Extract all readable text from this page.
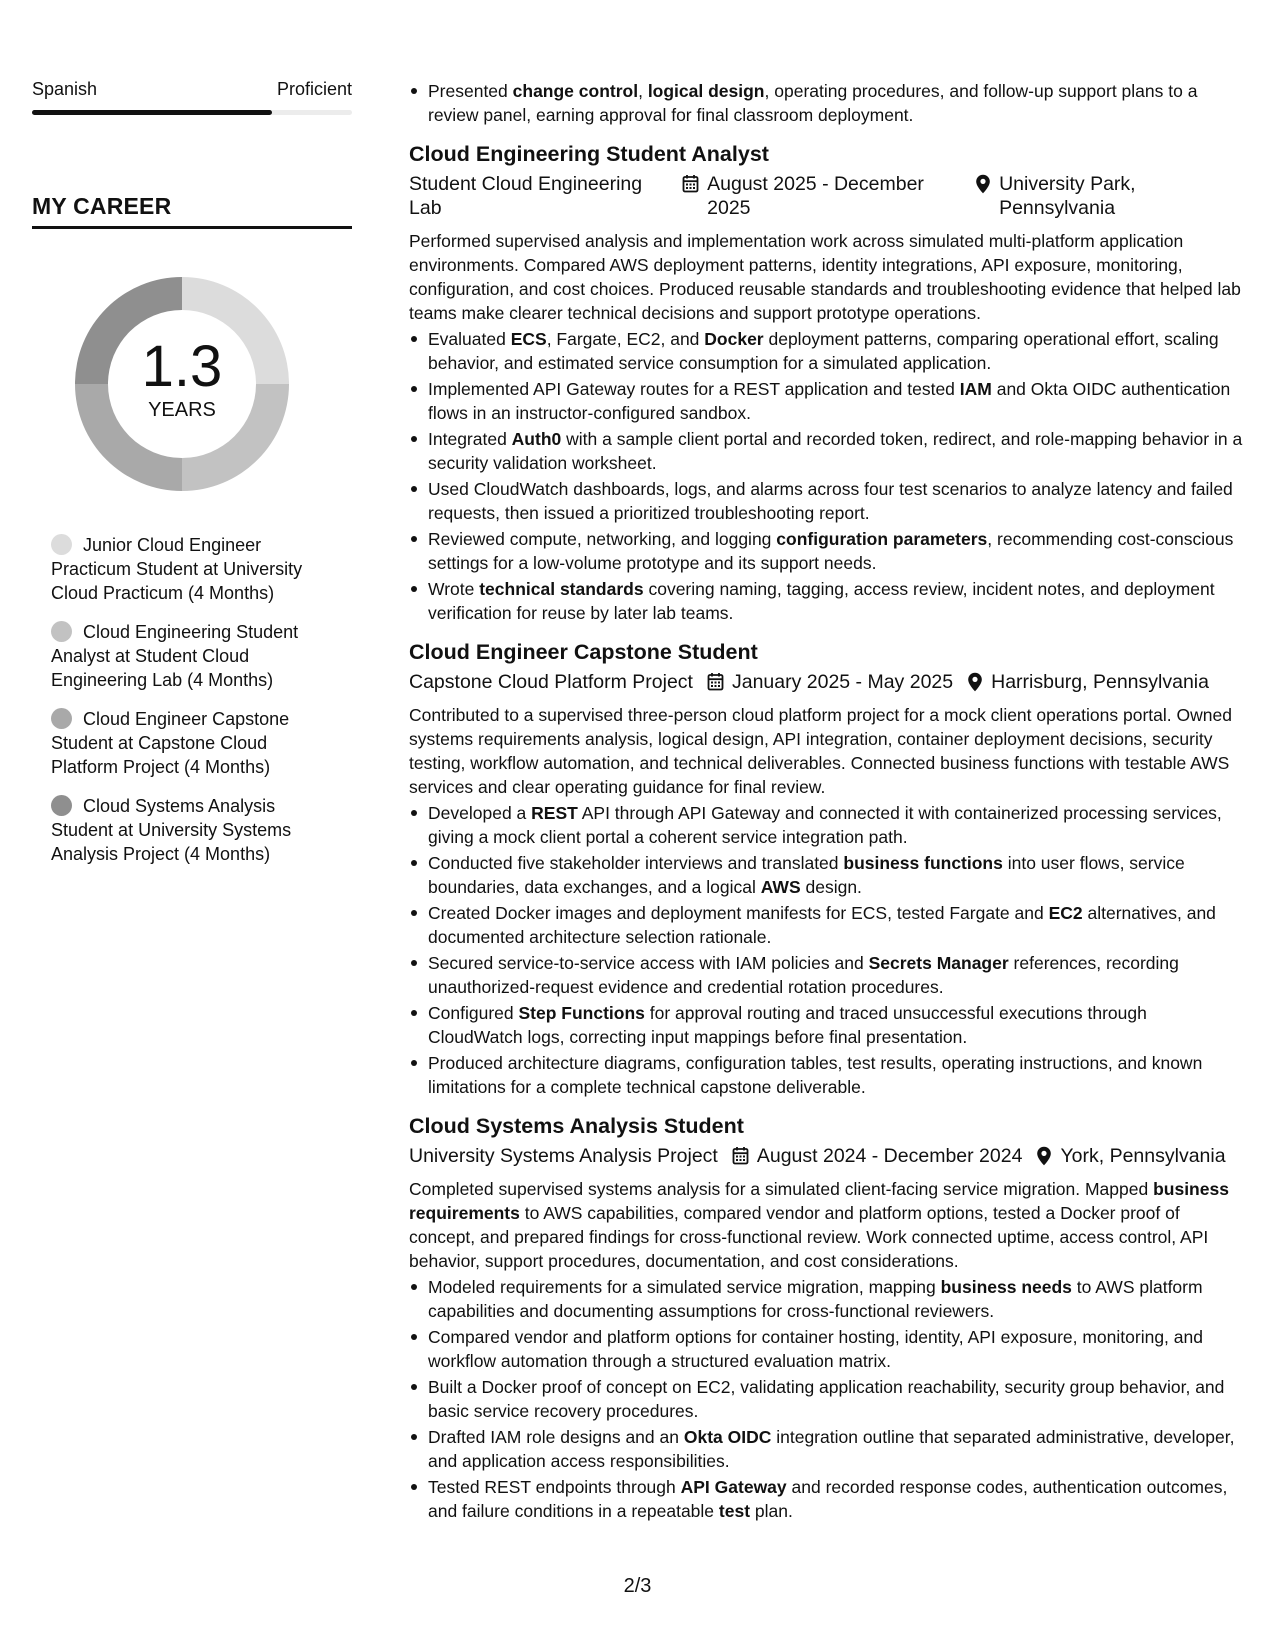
Spanish	Proficient
MY CAREER
1.3
YEARS
Junior Cloud Engineer Practicum Student at University Cloud Practicum (4 Months)
Cloud Engineering Student Analyst at Student Cloud Engineering Lab (4 Months)
Cloud Engineer Capstone Student at Capstone Cloud Platform Project (4 Months)
Cloud Systems Analysis Student at University Systems Analysis Project (4 Months)
Presented change control, logical design, operating procedures, and follow-up support plans to a review panel, earning approval for final classroom deployment.
Cloud Engineering Student Analyst
Student Cloud Engineering Lab
August 2025 - December 2025
University Park, Pennsylvania
Performed supervised analysis and implementation work across simulated multi-platform application environments. Compared AWS deployment patterns, identity integrations, API exposure, monitoring, configuration, and cost choices. Produced reusable standards and troubleshooting evidence that helped lab teams make clearer technical decisions and support prototype operations.
Evaluated ECS, Fargate, EC2, and Docker deployment patterns, comparing operational effort, scaling behavior, and estimated service consumption for a simulated application.
Implemented API Gateway routes for a REST application and tested IAM and Okta OIDC authentication flows in an instructor-configured sandbox.
Integrated Auth0 with a sample client portal and recorded token, redirect, and role-mapping behavior in a security validation worksheet.
Used CloudWatch dashboards, logs, and alarms across four test scenarios to analyze latency and failed requests, then issued a prioritized troubleshooting report.
Reviewed compute, networking, and logging configuration parameters, recommending cost-conscious settings for a low-volume prototype and its support needs.
Wrote technical standards covering naming, tagging, access review, incident notes, and deployment verification for reuse by later lab teams.
Cloud Engineer Capstone Student
Capstone Cloud Platform Project January 2025 - May 2025 Harrisburg, Pennsylvania
Contributed to a supervised three-person cloud platform project for a mock client operations portal. Owned systems requirements analysis, logical design, API integration, container deployment decisions, security testing, workflow automation, and technical deliverables. Connected business functions with testable AWS services and clear operating guidance for final review.
Developed a REST API through API Gateway and connected it with containerized processing services, giving a mock client portal a coherent service integration path.
Conducted five stakeholder interviews and translated business functions into user flows, service boundaries, data exchanges, and a logical AWS design.
Created Docker images and deployment manifests for ECS, tested Fargate and EC2 alternatives, and documented architecture selection rationale.
Secured service-to-service access with IAM policies and Secrets Manager references, recording unauthorized-request evidence and credential rotation procedures.
Configured Step Functions for approval routing and traced unsuccessful executions through CloudWatch logs, correcting input mappings before final presentation.
Produced architecture diagrams, configuration tables, test results, operating instructions, and known limitations for a complete technical capstone deliverable.
Cloud Systems Analysis Student
University Systems Analysis Project August 2024 - December 2024 York, Pennsylvania
Completed supervised systems analysis for a simulated client-facing service migration. Mapped business requirements to AWS capabilities, compared vendor and platform options, tested a Docker proof of concept, and prepared findings for cross-functional review. Work connected uptime, access control, API behavior, support procedures, documentation, and cost considerations.
Modeled requirements for a simulated service migration, mapping business needs to AWS platform capabilities and documenting assumptions for cross-functional reviewers.
Compared vendor and platform options for container hosting, identity, API exposure, monitoring, and workflow automation through a structured evaluation matrix.
Built a Docker proof of concept on EC2, validating application reachability, security group behavior, and basic service recovery procedures.
Drafted IAM role designs and an Okta OIDC integration outline that separated administrative, developer, and application access responsibilities.
Tested REST endpoints through API Gateway and recorded response codes, authentication outcomes, and failure conditions in a repeatable test plan.
2/3
